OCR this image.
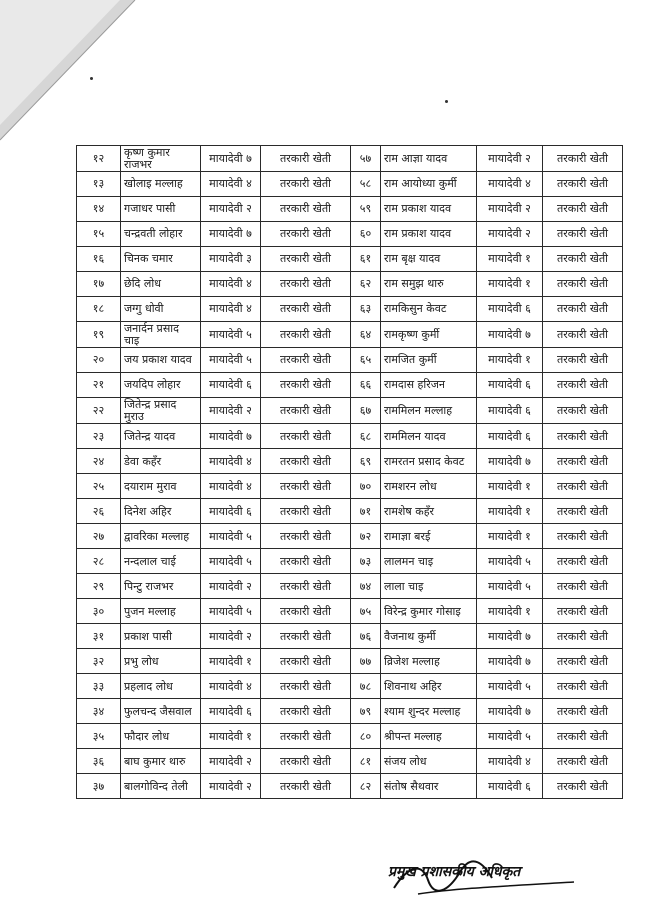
१२	कृष्ण कुमार राजभर	मायादेवी ७	तरकारी खेती	५७	राम आज्ञा यादव	मायादेवी २	तरकारी खेती
१३	खोलाइ मल्लाह	मायादेवी ४	तरकारी खेती	५८	राम आयोध्या कुर्मी	मायादेवी ४	तरकारी खेती
१४	गजाधर पासी	मायादेवी २	तरकारी खेती	५९	राम प्रकाश यादव	मायादेवी २	तरकारी खेती
१५	चन्द्रवती लोहार	मायादेवी ७	तरकारी खेती	६०	राम प्रकाश यादव	मायादेवी २	तरकारी खेती
१६	चिनक चमार	मायादेवी ३	तरकारी खेती	६१	राम बृक्ष यादव	मायादेवी १	तरकारी खेती
१७	छेदि लोध	मायादेवी ४	तरकारी खेती	६२	राम समुझ थारु	मायादेवी १	तरकारी खेती
१८	जग्गु धोवी	मायादेवी ४	तरकारी खेती	६३	रामकिसुन केवट	मायादेवी ६	तरकारी खेती
१९	जनार्दन प्रसाद चाइ	मायादेवी ५	तरकारी खेती	६४	रामकृष्ण कुर्मी	मायादेवी ७	तरकारी खेती
२०	जय प्रकाश यादव	मायादेवी ५	तरकारी खेती	६५	रामजित कुर्मी	मायादेवी १	तरकारी खेती
२१	जयदिप लोहार	मायादेवी ६	तरकारी खेती	६६	रामदास हरिजन	मायादेवी ६	तरकारी खेती
२२	जितेन्द्र प्रसाद मुराउ	मायादेवी २	तरकारी खेती	६७	राममिलन मल्लाह	मायादेवी ६	तरकारी खेती
२३	जितेन्द्र यादव	मायादेवी ७	तरकारी खेती	६८	राममिलन यादव	मायादेवी ६	तरकारी खेती
२४	डेवा कहँर	मायादेवी ४	तरकारी खेती	६९	रामरतन प्रसाद केवट	मायादेवी ७	तरकारी खेती
२५	दयाराम मुराव	मायादेवी ४	तरकारी खेती	७०	रामशरन लोध	मायादेवी १	तरकारी खेती
२६	दिनेश अहिर	मायादेवी ६	तरकारी खेती	७१	रामशेष कहँर	मायादेवी १	तरकारी खेती
२७	द्वावरिका मल्लाह	मायादेवी ५	तरकारी खेती	७२	रामाज्ञा बरई	मायादेवी १	तरकारी खेती
२८	नन्दलाल चाई	मायादेवी ५	तरकारी खेती	७३	लालमन चाइ	मायादेवी ५	तरकारी खेती
२९	पिन्टु राजभर	मायादेवी २	तरकारी खेती	७४	लाला चाइ	मायादेवी ५	तरकारी खेती
३०	पुजन मल्लाह	मायादेवी ५	तरकारी खेती	७५	विरेन्द्र कुमार गोसाइ	मायादेवी १	तरकारी खेती
३१	प्रकाश पासी	मायादेवी २	तरकारी खेती	७६	वैजनाथ कुर्मी	मायादेवी ७	तरकारी खेती
३२	प्रभु लोध	मायादेवी १	तरकारी खेती	७७	व्रिजेश मल्लाह	मायादेवी ७	तरकारी खेती
३३	प्रहलाद लोध	मायादेवी ४	तरकारी खेती	७८	शिवनाथ अहिर	मायादेवी ५	तरकारी खेती
३४	फुलचन्द जैसवाल	मायादेवी ६	तरकारी खेती	७९	श्याम शुन्दर मल्लाह	मायादेवी ७	तरकारी खेती
३५	फौदार लोध	मायादेवी १	तरकारी खेती	८०	श्रीपन्त मल्लाह	मायादेवी ५	तरकारी खेती
३६	बाघ कुमार थारु	मायादेवी २	तरकारी खेती	८१	संजय लोध	मायादेवी ४	तरकारी खेती
३७	बालगोविन्द तेली	मायादेवी २	तरकारी खेती	८२	संतोष सैथवार	मायादेवी ६	तरकारी खेती
प्रमुख प्रशासकीय अधिकृत
